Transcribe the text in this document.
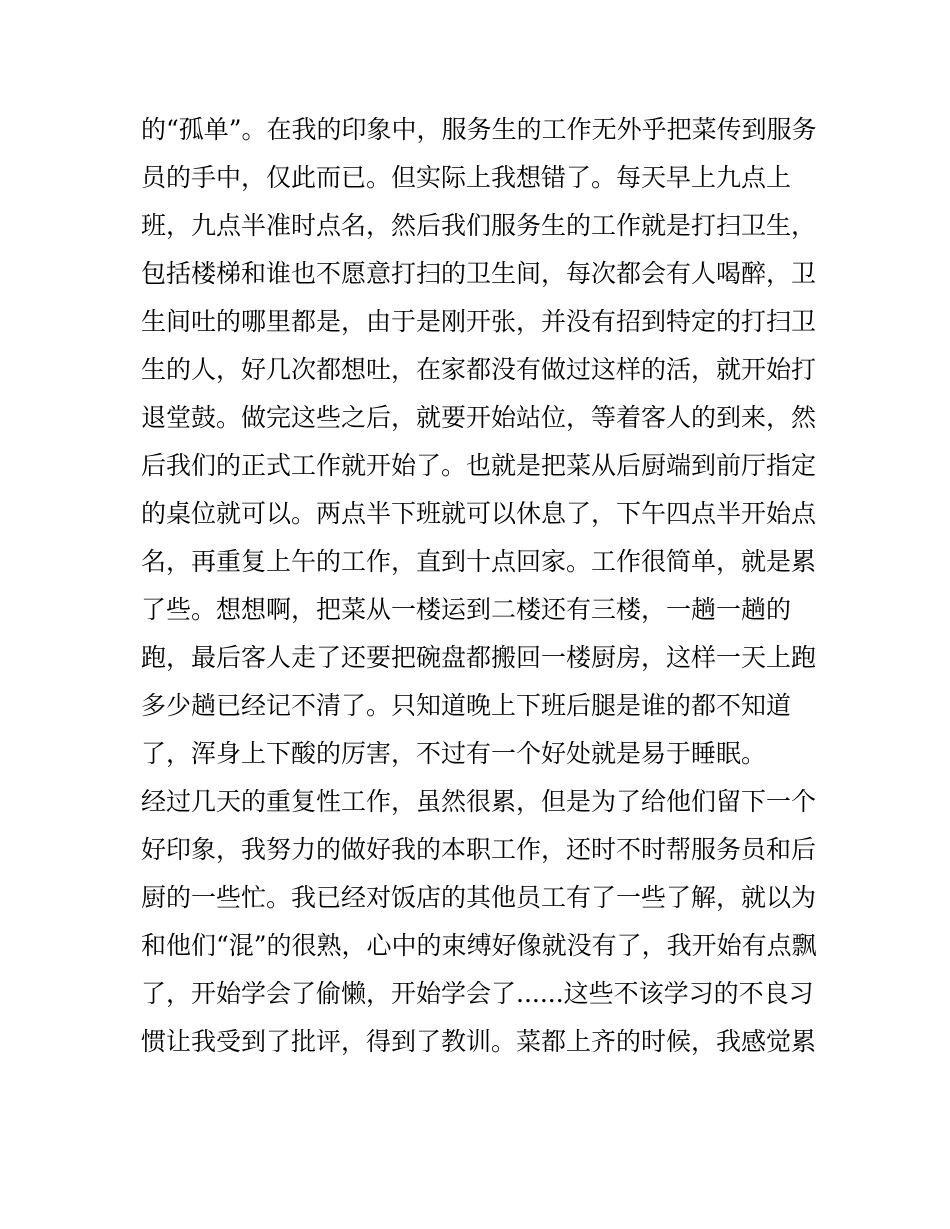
的“孤单”。在我的印象中，服务生的工作无外乎把菜传到服务
员的手中，仅此而已。但实际上我想错了。每天早上九点上
班，九点半准时点名，然后我们服务生的工作就是打扫卫生，
包括楼梯和谁也不愿意打扫的卫生间，每次都会有人喝醉，卫
生间吐的哪里都是，由于是刚开张，并没有招到特定的打扫卫
生的人，好几次都想吐，在家都没有做过这样的活，就开始打
退堂鼓。做完这些之后，就要开始站位，等着客人的到来，然
后我们的正式工作就开始了。也就是把菜从后厨端到前厅指定
的桌位就可以。两点半下班就可以休息了，下午四点半开始点
名，再重复上午的工作，直到十点回家。工作很简单，就是累
了些。想想啊，把菜从一楼运到二楼还有三楼，一趟一趟的
跑，最后客人走了还要把碗盘都搬回一楼厨房，这样一天上跑
多少趟已经记不清了。只知道晚上下班后腿是谁的都不知道
了，浑身上下酸的厉害，不过有一个好处就是易于睡眠。
经过几天的重复性工作，虽然很累，但是为了给他们留下一个
好印象，我努力的做好我的本职工作，还时不时帮服务员和后
厨的一些忙。我已经对饭店的其他员工有了一些了解，就以为
和他们“混”的很熟，心中的束缚好像就没有了，我开始有点飘
了，开始学会了偷懒，开始学会了......这些不该学习的不良习
惯让我受到了批评，得到了教训。菜都上齐的时候，我感觉累
